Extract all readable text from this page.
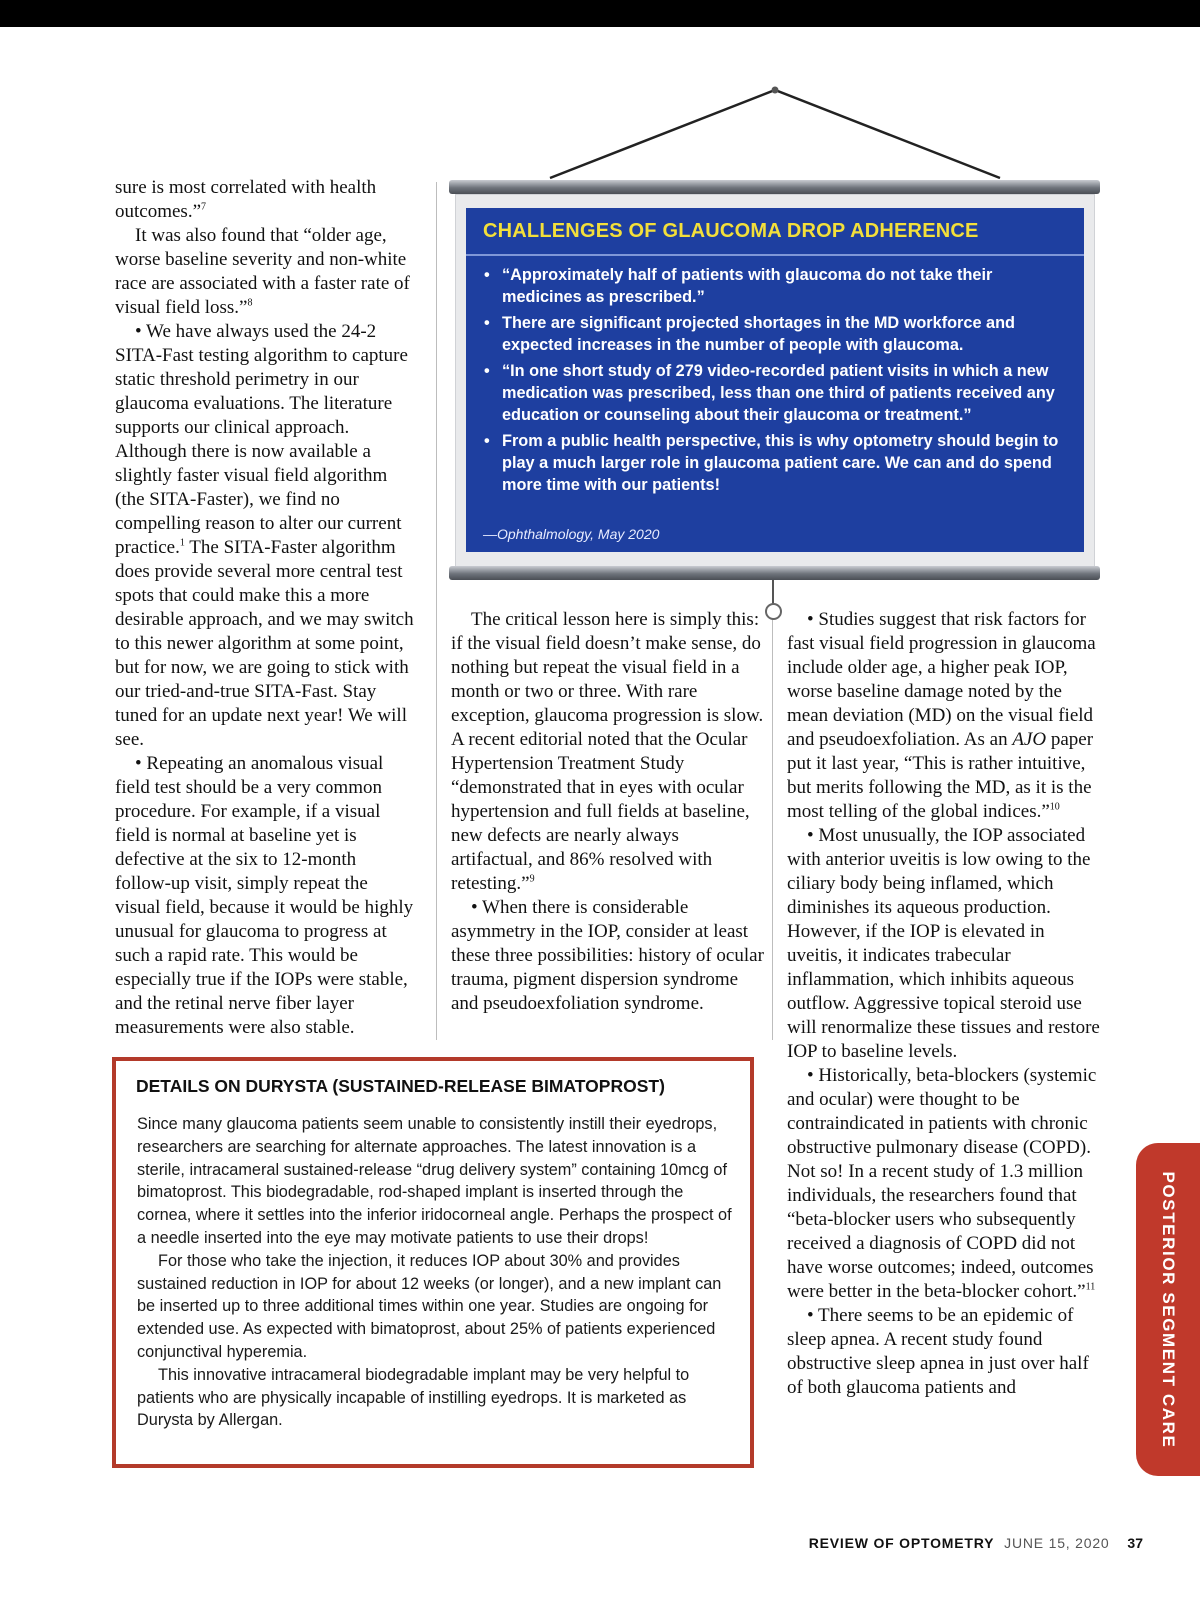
sure is most correlated with health outcomes.”$^7$

It was also found that “older age, worse baseline severity and non-white race are associated with a faster rate of visual field loss.”$^8$

• We have always used the 24-2 SITA-Fast testing algorithm to capture static threshold perimetry in our glaucoma evaluations. The literature supports our clinical approach. Although there is now available a slightly faster visual field algorithm (the SITA-Faster), we find no compelling reason to alter our current practice.$^1$ The SITA-Faster algorithm does provide several more central test spots that could make this a more desirable approach, and we may switch to this newer algorithm at some point, but for now, we are going to stick with our tried-and-true SITA-Fast. Stay tuned for an update next year! We will see.

• Repeating an anomalous visual field test should be a very common procedure. For example, if a visual field is normal at baseline yet is defective at the six to 12-month follow-up visit, simply repeat the visual field, because it would be highly unusual for glaucoma to progress at such a rapid rate. This would be especially true if the IOPs were stable, and the retinal nerve fiber layer measurements were also stable.

The critical lesson here is simply this: if the visual field doesn’t make sense, do nothing but repeat the visual field in a month or two or three. With rare exception, glaucoma progression is slow. A recent editorial noted that the Ocular Hypertension Treatment Study “demonstrated that in eyes with ocular hypertension and full fields at baseline, new defects are nearly always artifactual, and 86% resolved with retesting.”$^9$

• When there is considerable asymmetry in the IOP, consider at least these three possibilities: history of ocular trauma, pigment dispersion syndrome and pseudoexfoliation syndrome.

• Studies suggest that risk factors for fast visual field progression in glaucoma include older age, a higher peak IOP, worse baseline damage noted by the mean deviation (MD) on the visual field and pseudoexfoliation. As an AJO paper put it last year, “This is rather intuitive, but merits following the MD, as it is the most telling of the global indices.”$^{10}$

• Most unusually, the IOP associated with anterior uveitis is low owing to the ciliary body being inflamed, which diminishes its aqueous production. However, if the IOP is elevated in uveitis, it indicates trabecular inflammation, which inhibits aqueous outflow. Aggressive topical steroid use will renormalize these tissues and restore IOP to baseline levels.

• Historically, beta-blockers (systemic and ocular) were thought to be contraindicated in patients with chronic obstructive pulmonary disease (COPD). Not so! In a recent study of 1.3 million individuals, the researchers found that “beta-blocker users who subsequently received a diagnosis of COPD did not have worse outcomes; indeed, outcomes were better in the beta-blocker cohort.”$^{11}$

• There seems to be an epidemic of sleep apnea. A recent study found obstructive sleep apnea in just over half of both glaucoma patients and

CHALLENGES OF GLAUCOMA DROP ADHERENCE
• “Approximately half of patients with glaucoma do not take their medicines as prescribed.”
• There are significant projected shortages in the MD workforce and expected increases in the number of people with glaucoma.
• “In one short study of 279 video-recorded patient visits in which a new medication was prescribed, less than one third of patients received any education or counseling about their glaucoma or treatment.”
• From a public health perspective, this is why optometry should begin to play a much larger role in glaucoma patient care. We can and do spend more time with our patients!
—Ophthalmology, May 2020
DETAILS ON DURYSTA (SUSTAINED-RELEASE BIMATOPROST)

Since many glaucoma patients seem unable to consistently instill their eyedrops, researchers are searching for alternate approaches. The latest innovation is a sterile, intracameral sustained-release “drug delivery system” containing 10mcg of bimatoprost. This biodegradable, rod-shaped implant is inserted through the cornea, where it settles into the inferior iridocorneal angle. Perhaps the prospect of a needle inserted into the eye may motivate patients to use their drops!

For those who take the injection, it reduces IOP about 30% and provides sustained reduction in IOP for about 12 weeks (or longer), and a new implant can be inserted up to three additional times within one year. Studies are ongoing for extended use. As expected with bimatoprost, about 25% of patients experienced conjunctival hyperemia.

This innovative intracameral biodegradable implant may be very helpful to patients who are physically incapable of instilling eyedrops. It is marketed as Durysta by Allergan.	POSTERIOR SEGMENT CARE
REVIEW OF OPTOMETRY JUNE 15, 2020 37
